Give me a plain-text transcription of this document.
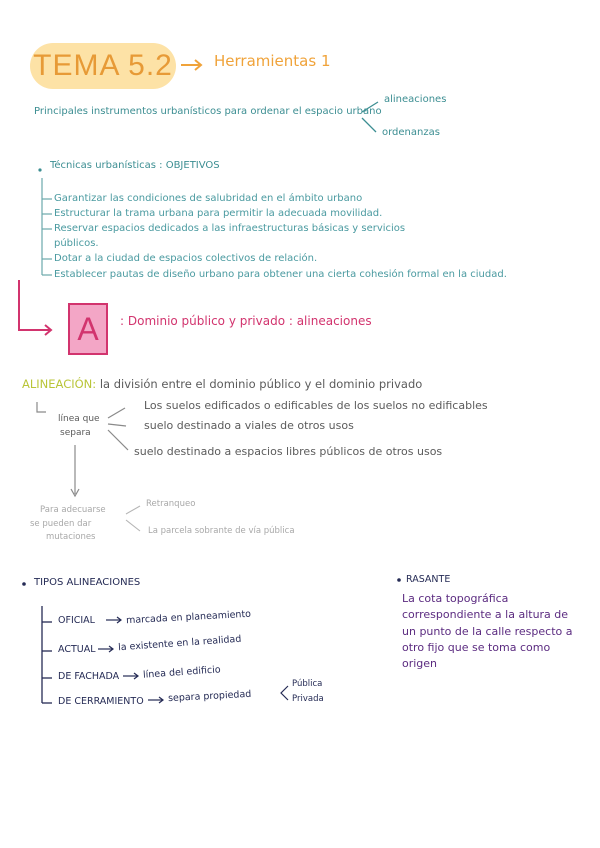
TEMA 5.2	Herramientas 1
Principales instrumentos urbanísticos para ordenar el espacio urbano
alineaciones
ordenanzas
Técnicas urbanísticas : OBJETIVOS
Garantizar las condiciones de salubridad en el ámbito urbano
Estructurar la trama urbana para permitir la adecuada movilidad.
Reservar espacios dedicados a las infraestructuras básicas y servicios
públicos.
Dotar a la ciudad de espacios colectivos de relación.
Establecer pautas de diseño urbano para obtener una cierta cohesión formal en la ciudad.
A : Dominio público y privado : alineaciones
ALINEACIÓN: la división entre el dominio público y el dominio privado
línea que
separa
Los suelos edificados o edificables de los suelos no edificables
suelo destinado a viales de otros usos
suelo destinado a espacios libres públicos de otros usos
Para adecuarse
se pueden dar
mutaciones
Retranqueo
La parcela sobrante de vía pública
TIPOS ALINEACIONES
OFICIAL	marcada en planeamiento
ACTUAL la existente en la realidad
DE FACHADA línea del edificio
DE CERRAMIENTO	separa propiedad
Pública
Privada
RASANTE
La cota topográfica
correspondiente a la altura de
un punto de la calle respecto a
otro fijo que se toma como
origen
